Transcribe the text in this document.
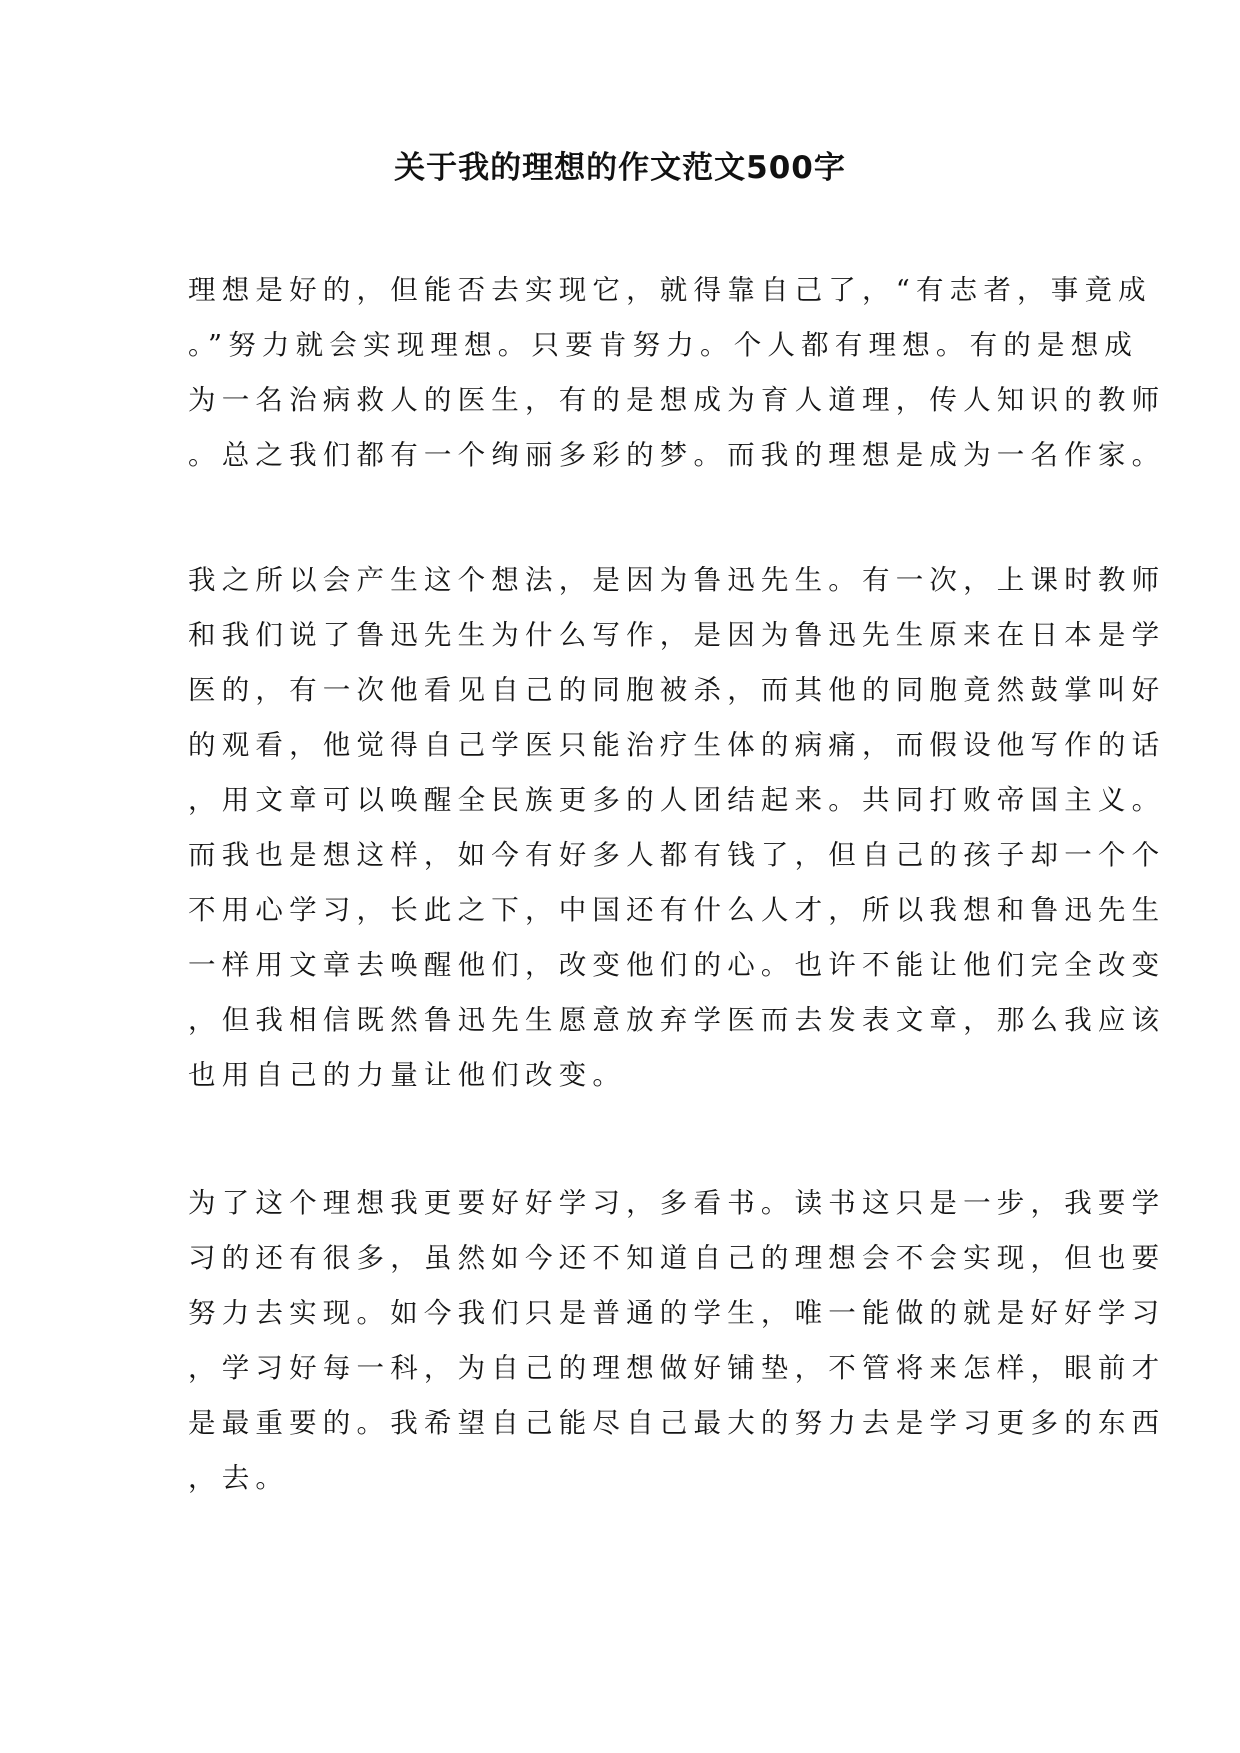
关于我的理想的作文范文500字
理想是好的，但能否去实现它，就得靠自己了，“有志者，事竟成
。”努力就会实现理想。只要肯努力。个人都有理想。有的是想成
为一名治病救人的医生，有的是想成为育人道理，传人知识的教师
。总之我们都有一个绚丽多彩的梦。而我的理想是成为一名作家。
我之所以会产生这个想法，是因为鲁迅先生。有一次，上课时教师
和我们说了鲁迅先生为什么写作，是因为鲁迅先生原来在日本是学
医的，有一次他看见自己的同胞被杀，而其他的同胞竟然鼓掌叫好
的观看，他觉得自己学医只能治疗生体的病痛，而假设他写作的话
，用文章可以唤醒全民族更多的人团结起来。共同打败帝国主义。
而我也是想这样，如今有好多人都有钱了，但自己的孩子却一个个
不用心学习，长此之下，中国还有什么人才，所以我想和鲁迅先生
一样用文章去唤醒他们，改变他们的心。也许不能让他们完全改变
，但我相信既然鲁迅先生愿意放弃学医而去发表文章，那么我应该
也用自己的力量让他们改变。
为了这个理想我更要好好学习，多看书。读书这只是一步，我要学
习的还有很多，虽然如今还不知道自己的理想会不会实现，但也要
努力去实现。如今我们只是普通的学生，唯一能做的就是好好学习
，学习好每一科，为自己的理想做好铺垫，不管将来怎样，眼前才
是最重要的。我希望自己能尽自己最大的努力去是学习更多的东西
，去。
